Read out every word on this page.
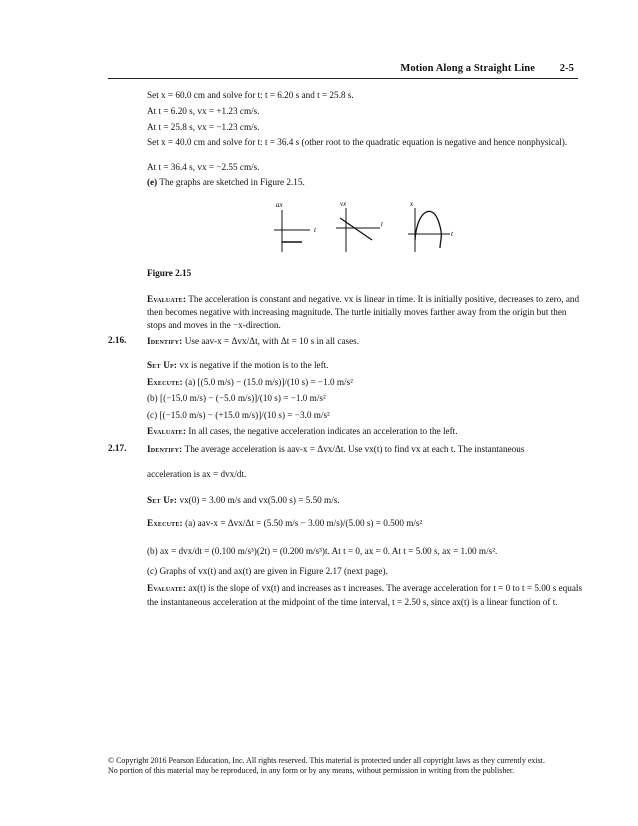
Motion Along a Straight Line 2-5
Set x = 60.0 cm and solve for t: t = 6.20 s and t = 25.8 s.
At t = 6.20 s, vx = +1.23 cm/s.
At t = 25.8 s, vx = −1.23 cm/s.
Set x = 40.0 cm and solve for t: t = 36.4 s (other root to the quadratic equation is negative and hence nonphysical).
At t = 36.4 s, vx = −2.55 cm/s.
(e) The graphs are sketched in Figure 2.15.
ax
t
vx
t
x
t
Figure 2.15
Evaluate: The acceleration is constant and negative. vx is linear in time. It is initially positive, decreases to zero, and then becomes negative with increasing magnitude. The turtle initially moves farther away from the origin but then stops and moves in the −x-direction.
2.16. Identify: Use aav-x = Δvx/Δt, with Δt = 10 s in all cases.
Set Up: vx is negative if the motion is to the left.
Execute: (a) [(5.0 m/s) − (15.0 m/s)]/(10 s) = −1.0 m/s²
(b) [(−15.0 m/s) − (−5.0 m/s)]/(10 s) = −1.0 m/s²
(c) [(−15.0 m/s) − (+15.0 m/s)]/(10 s) = −3.0 m/s²
Evaluate: In all cases, the negative acceleration indicates an acceleration to the left.
2.17. Identify: The average acceleration is aav-x = Δvx/Δt. Use vx(t) to find vx at each t. The instantaneous
acceleration is ax = dvx/dt.
Set Up: vx(0) = 3.00 m/s and vx(5.00 s) = 5.50 m/s.
Execute: (a) aav-x = Δvx/Δt = (5.50 m/s − 3.00 m/s)/(5.00 s) = 0.500 m/s²
(b) ax = dvx/dt = (0.100 m/s³)(2t) = (0.200 m/s³)t. At t = 0, ax = 0. At t = 5.00 s, ax = 1.00 m/s².
(c) Graphs of vx(t) and ax(t) are given in Figure 2.17 (next page).
Evaluate: ax(t) is the slope of vx(t) and increases as t increases. The average acceleration for t = 0 to t = 5.00 s equals the instantaneous acceleration at the midpoint of the time interval, t = 2.50 s, since ax(t) is a linear function of t.
© Copyright 2016 Pearson Education, Inc. All rights reserved. This material is protected under all copyright laws as they currently exist.
No portion of this material may be reproduced, in any form or by any means, without permission in writing from the publisher.
